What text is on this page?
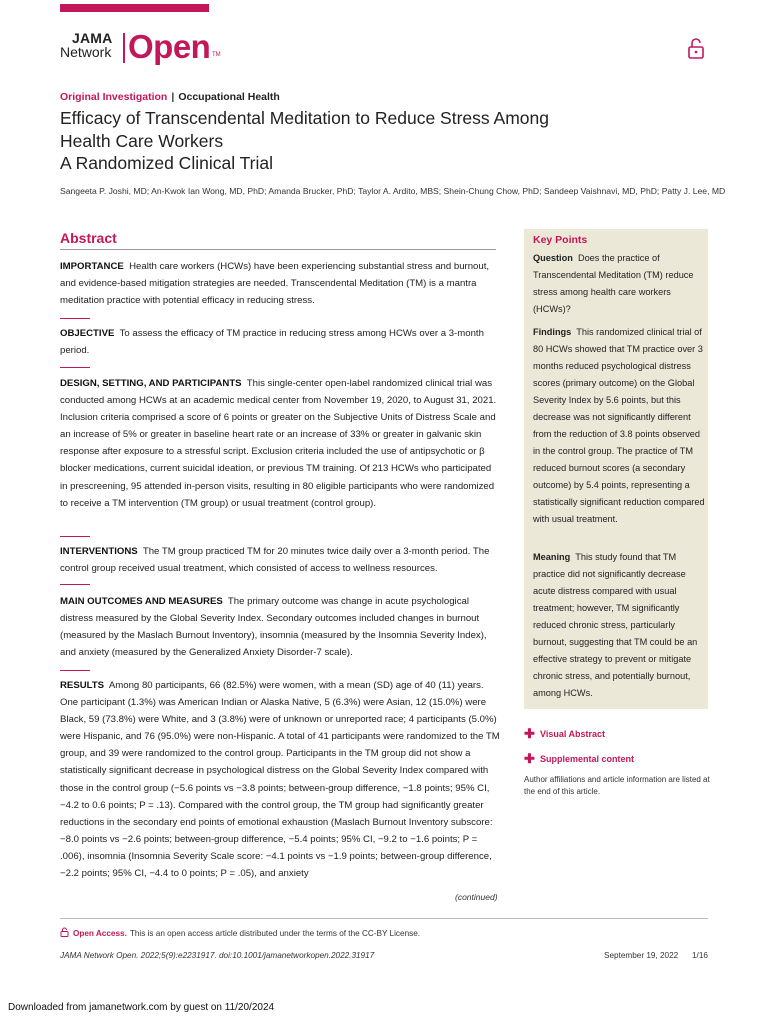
JAMA
Network Open TM
Original Investigation | Occupational Health
Efficacy of Transcendental Meditation to Reduce Stress Among Health Care Workers
A Randomized Clinical Trial
Sangeeta P. Joshi, MD; An-Kwok Ian Wong, MD, PhD; Amanda Brucker, PhD; Taylor A. Ardito, MBS; Shein-Chung Chow, PhD; Sandeep Vaishnavi, MD, PhD; Patty J. Lee, MD
Abstract

IMPORTANCE Health care workers (HCWs) have been experiencing substantial stress and burnout, and evidence-based mitigation strategies are needed. Transcendental Meditation (TM) is a mantra meditation practice with potential efficacy in reducing stress.

OBJECTIVE To assess the efficacy of TM practice in reducing stress among HCWs over a 3-month period.

DESIGN, SETTING, AND PARTICIPANTS This single-center open-label randomized clinical trial was conducted among HCWs at an academic medical center from November 19, 2020, to August 31, 2021. Inclusion criteria comprised a score of 6 points or greater on the Subjective Units of Distress Scale and an increase of 5% or greater in baseline heart rate or an increase of 33% or greater in galvanic skin response after exposure to a stressful script. Exclusion criteria included the use of antipsychotic or β blocker medications, current suicidal ideation, or previous TM training. Of 213 HCWs who participated in prescreening, 95 attended in-person visits, resulting in 80 eligible participants who were randomized to receive a TM intervention (TM group) or usual treatment (control group).

INTERVENTIONS The TM group practiced TM for 20 minutes twice daily over a 3-month period. The control group received usual treatment, which consisted of access to wellness resources.

MAIN OUTCOMES AND MEASURES The primary outcome was change in acute psychological distress measured by the Global Severity Index. Secondary outcomes included changes in burnout (measured by the Maslach Burnout Inventory), insomnia (measured by the Insomnia Severity Index), and anxiety (measured by the Generalized Anxiety Disorder-7 scale).

RESULTS Among 80 participants, 66 (82.5%) were women, with a mean (SD) age of 40 (11) years. One participant (1.3%) was American Indian or Alaska Native, 5 (6.3%) were Asian, 12 (15.0%) were Black, 59 (73.8%) were White, and 3 (3.8%) were of unknown or unreported race; 4 participants (5.0%) were Hispanic, and 76 (95.0%) were non-Hispanic. A total of 41 participants were randomized to the TM group, and 39 were randomized to the control group. Participants in the TM group did not show a statistically significant decrease in psychological distress on the Global Severity Index compared with those in the control group (−5.6 points vs −3.8 points; between-group difference, −1.8 points; 95% CI, −4.2 to 0.6 points; P = .13). Compared with the control group, the TM group had significantly greater reductions in the secondary end points of emotional exhaustion (Maslach Burnout Inventory subscore: −8.0 points vs −2.6 points; between-group difference, −5.4 points; 95% CI, −9.2 to −1.6 points; P = .006), insomnia (Insomnia Severity Scale score: −4.1 points vs −1.9 points; between-group difference, −2.2 points; 95% CI, −4.4 to 0 points; P = .05), and anxiety

(continued)
Key Points

Question Does the practice of Transcendental Meditation (TM) reduce stress among health care workers (HCWs)?

Findings This randomized clinical trial of 80 HCWs showed that TM practice over 3 months reduced psychological distress scores (primary outcome) on the Global Severity Index by 5.6 points, but this decrease was not significantly different from the reduction of 3.8 points observed in the control group. The practice of TM reduced burnout scores (a secondary outcome) by 5.4 points, representing a statistically significant reduction compared with usual treatment.

Meaning This study found that TM practice did not significantly decrease acute distress compared with usual treatment; however, TM significantly reduced chronic stress, particularly burnout, suggesting that TM could be an effective strategy to prevent or mitigate chronic stress, and potentially burnout, among HCWs.

✚ Visual Abstract
✚ Supplemental content

Author affiliations and article information are listed at the end of this article.

Open Access. This is an open access article distributed under the terms of the CC-BY License.
JAMA Network Open. 2022;5(9):e2231917. doi:10.1001/jamanetworkopen.2022.31917	September 19, 2022 1/16
Downloaded from jamanetwork.com by guest on 11/20/2024
